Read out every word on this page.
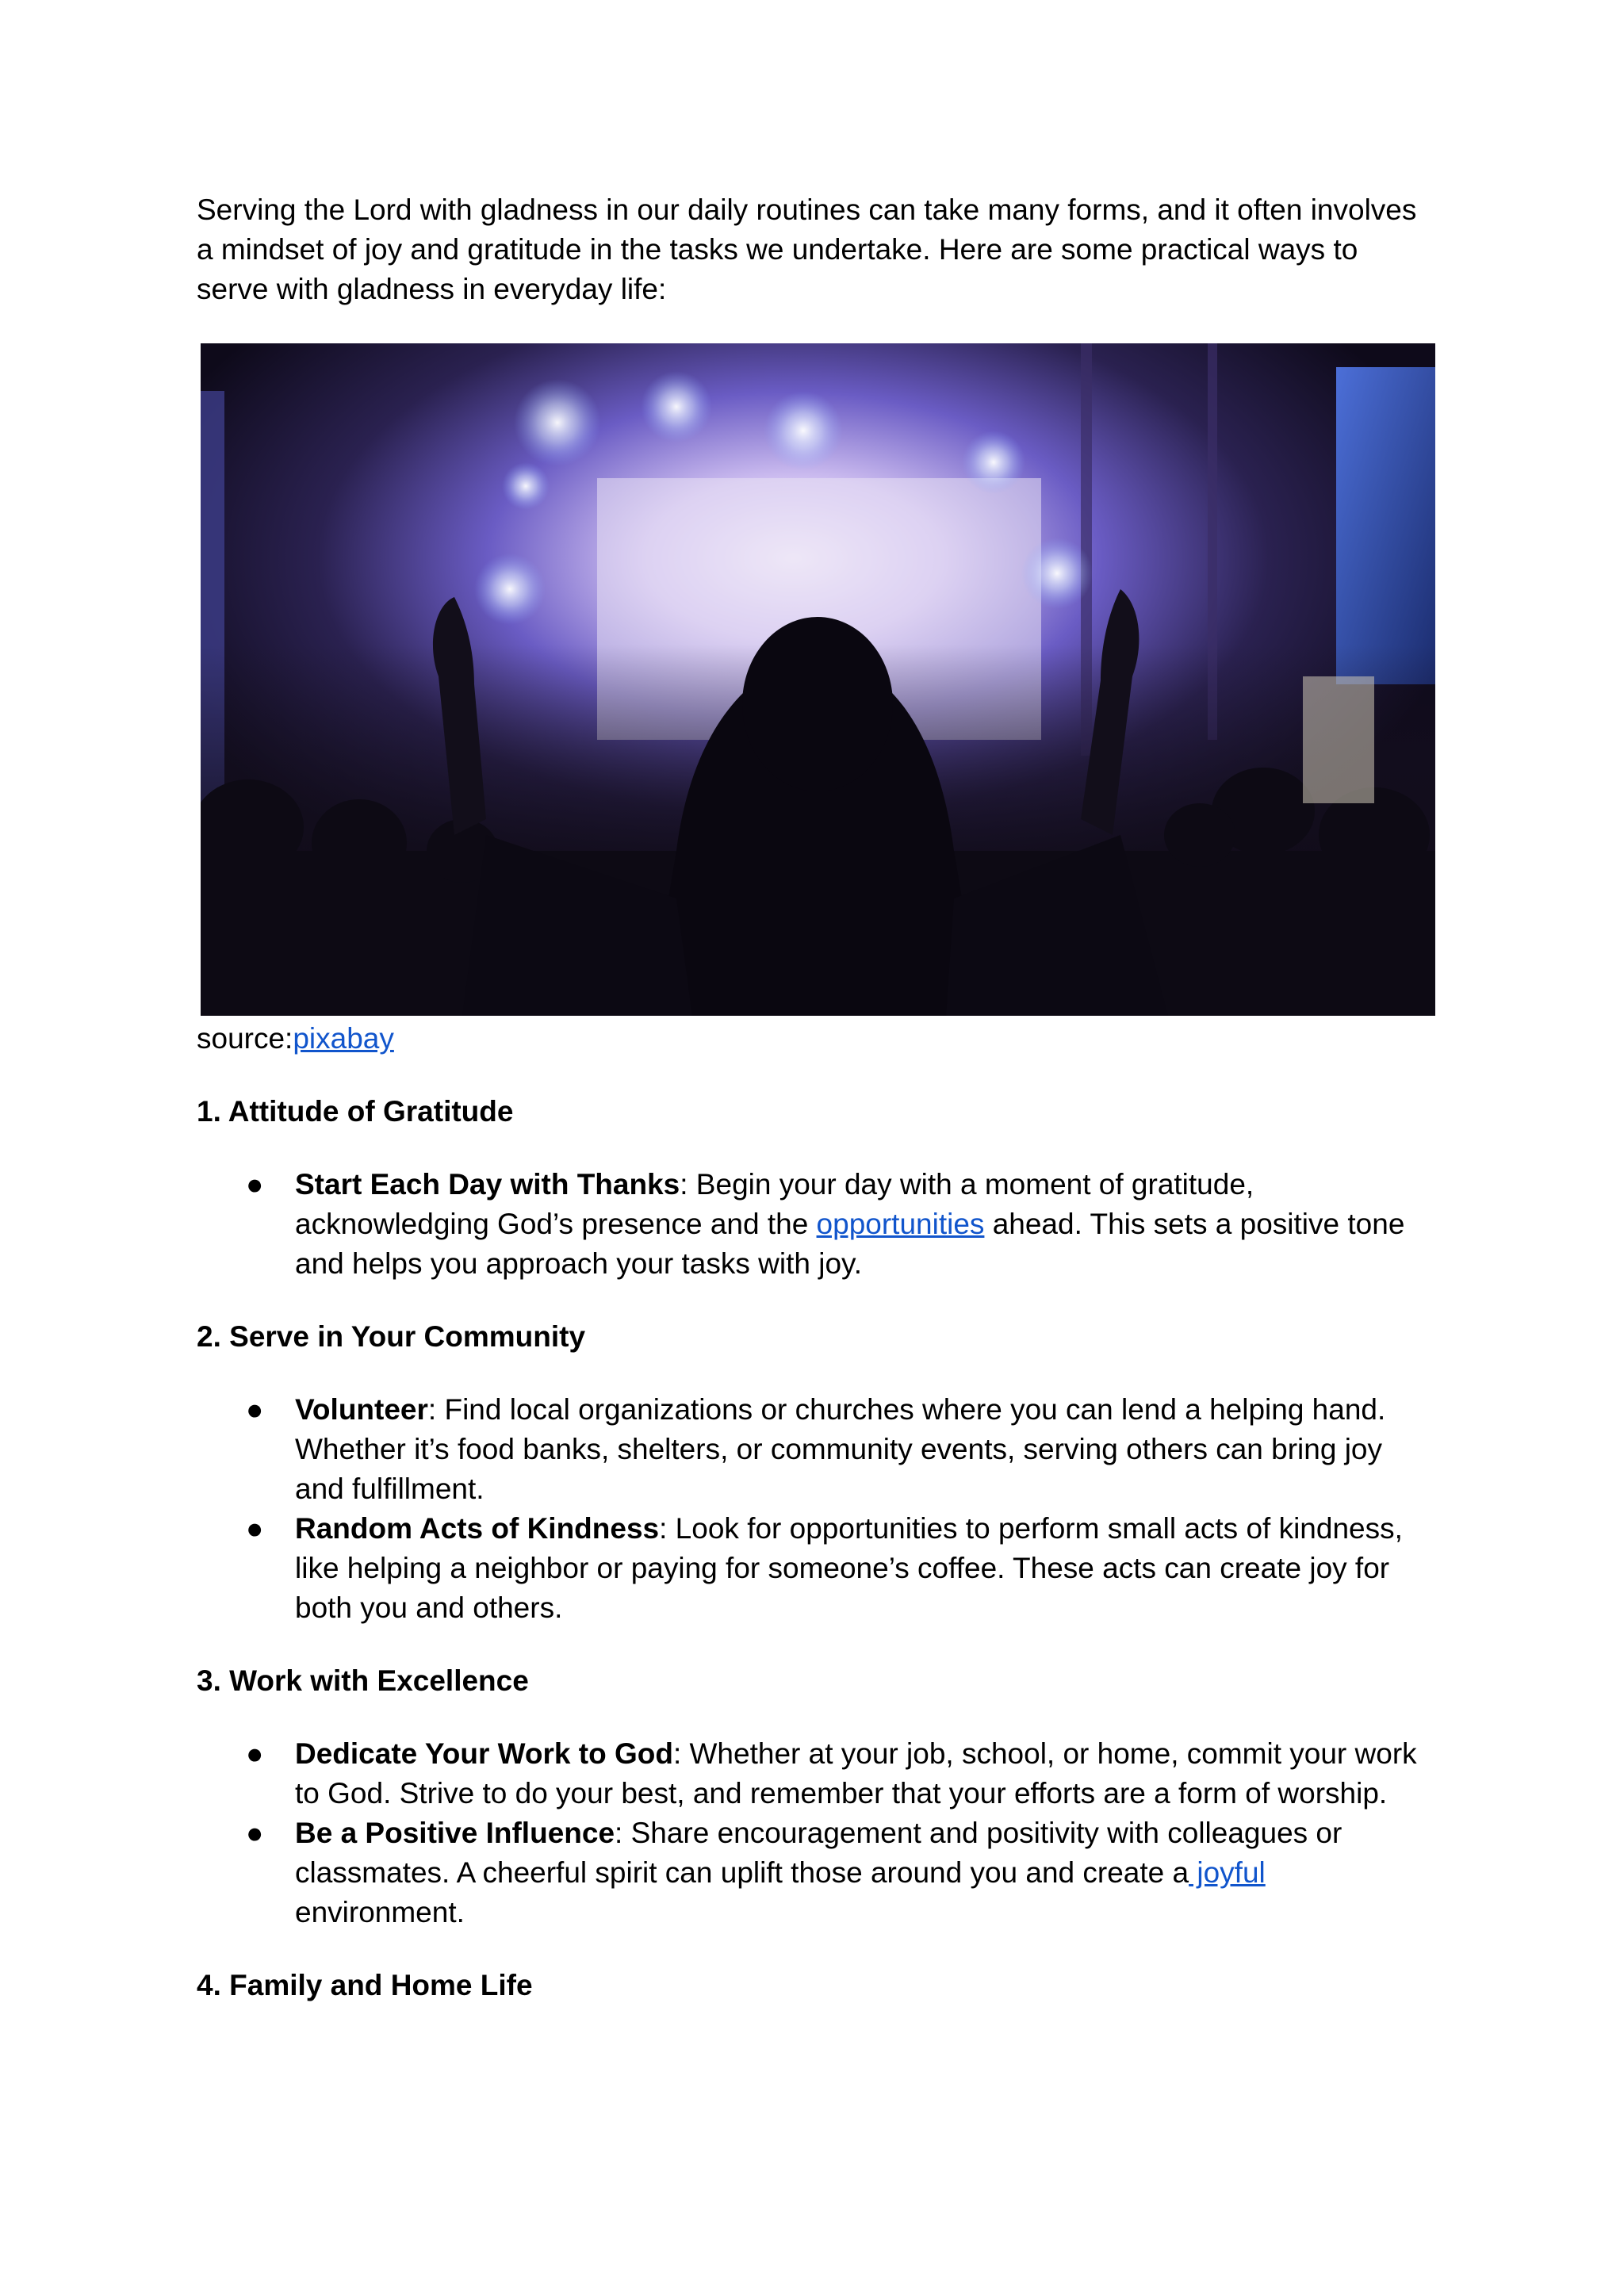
Serving the Lord with gladness in our daily routines can take many forms, and it often involves a mindset of joy and gratitude in the tasks we undertake. Here are some practical ways to serve with gladness in everyday life:

source:pixabay

1. Attitude of Gratitude
● Start Each Day with Thanks: Begin your day with a moment of gratitude, acknowledging God’s presence and the opportunities ahead. This sets a positive tone and helps you approach your tasks with joy.
2. Serve in Your Community
● Volunteer: Find local organizations or churches where you can lend a helping hand. Whether it’s food banks, shelters, or community events, serving others can bring joy and fulfillment.
● Random Acts of Kindness: Look for opportunities to perform small acts of kindness, like helping a neighbor or paying for someone’s coffee. These acts can create joy for both you and others.
3. Work with Excellence
● Dedicate Your Work to God: Whether at your job, school, or home, commit your work to God. Strive to do your best, and remember that your efforts are a form of worship.
● Be a Positive Influence: Share encouragement and positivity with colleagues or classmates. A cheerful spirit can uplift those around you and create a joyful environment.
4. Family and Home Life
